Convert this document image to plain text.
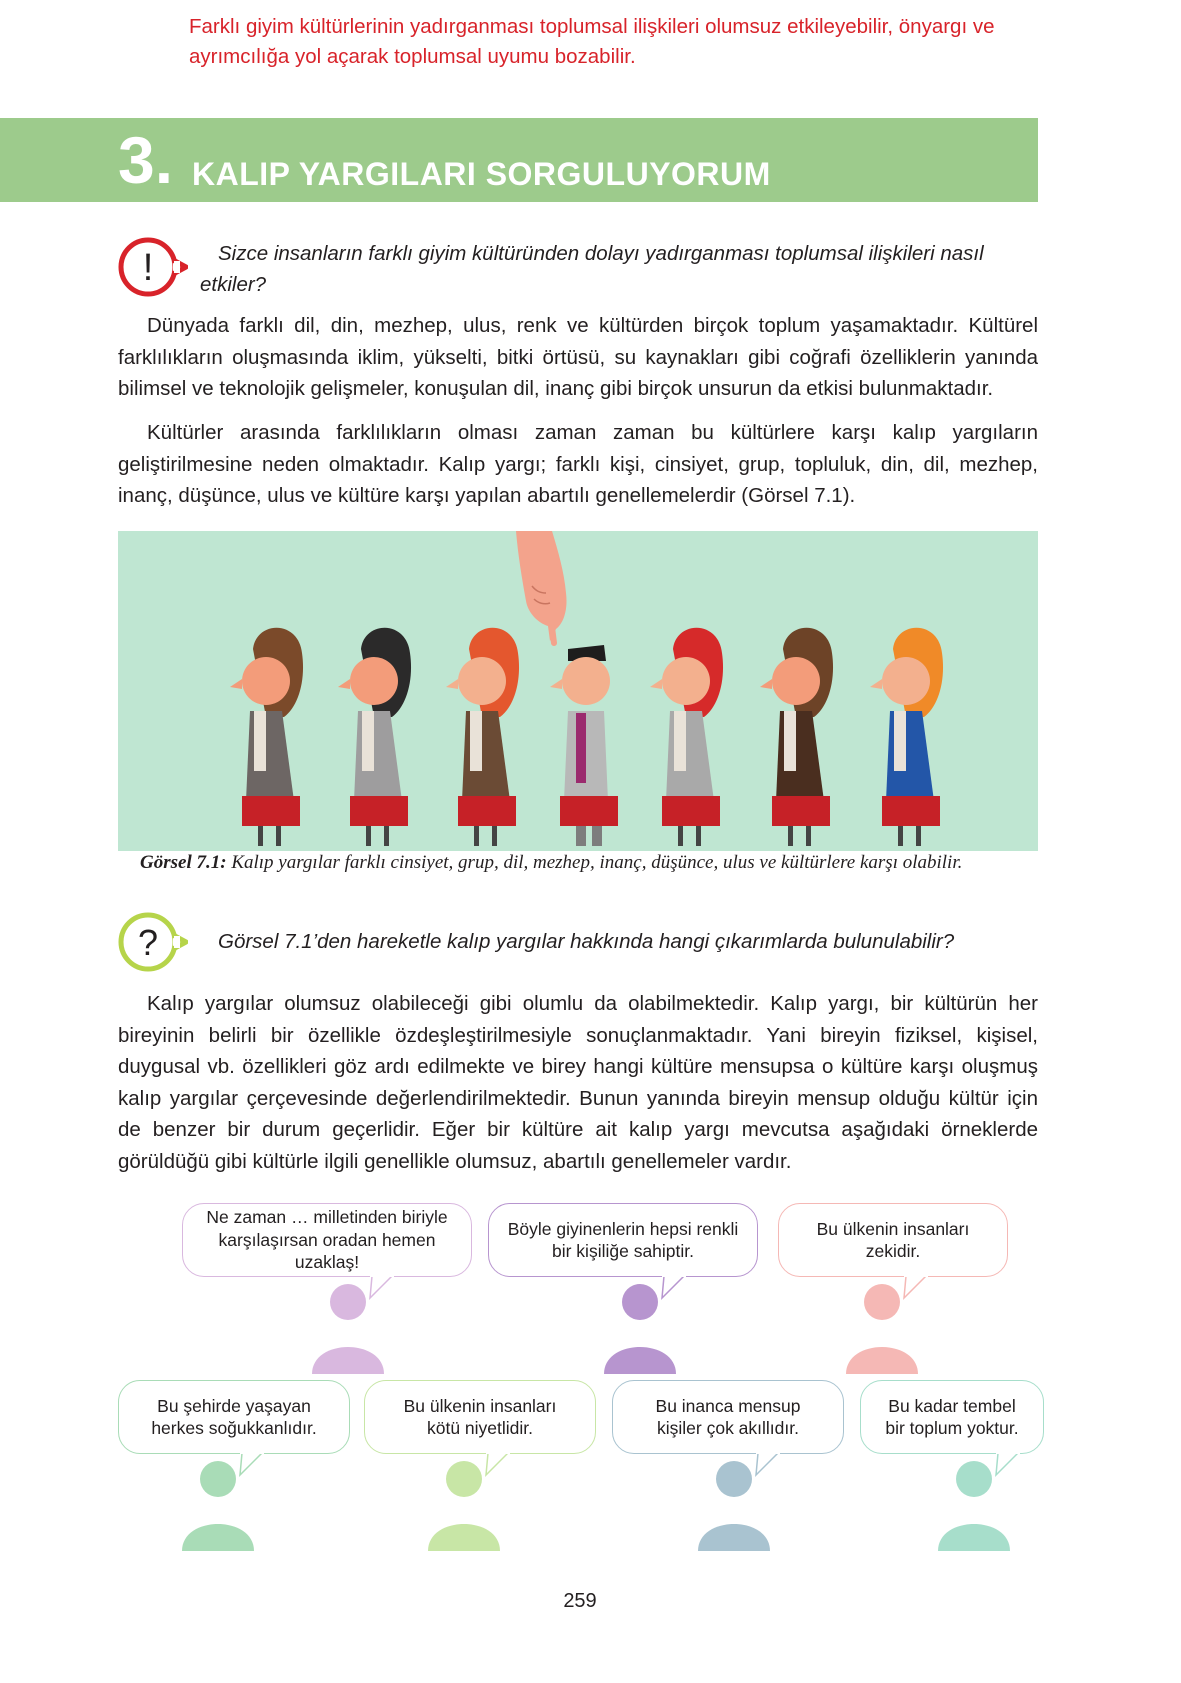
Farklı giyim kültürlerinin yadırganması toplumsal ilişkileri olumsuz etkileyebilir, önyargı ve ayrımcılığa yol açarak toplumsal uyumu bozabilir.
3. KALIP YARGILARI SORGULUYORUM
!	Sizce insanların farklı giyim kültüründen dolayı yadırganması toplumsal ilişkileri nasıl etkiler?

Dünyada farklı dil, din, mezhep, ulus, renk ve kültürden birçok toplum yaşamaktadır. Kültürel farklılıkların oluşmasında iklim, yükselti, bitki örtüsü, su kaynakları gibi coğrafi özelliklerin yanında bilimsel ve teknolojik gelişmeler, konuşulan dil, inanç gibi birçok unsurun da etkisi bulunmaktadır.

Kültürler arasında farklılıkların olması zaman zaman bu kültürlere karşı kalıp yargıların geliştirilmesine neden olmaktadır. Kalıp yargı; farklı kişi, cinsiyet, grup, topluluk, din, dil, mezhep, inanç, düşünce, ulus ve kültüre karşı yapılan abartılı genellemelerdir (Görsel 7.1).

Görsel 7.1: Kalıp yargılar farklı cinsiyet, grup, dil, mezhep, inanç, düşünce, ulus ve kültürlere karşı olabilir.
?	Görsel 7.1’den hareketle kalıp yargılar hakkında hangi çıkarımlarda bulunulabilir?

Kalıp yargılar olumsuz olabileceği gibi olumlu da olabilmektedir. Kalıp yargı, bir kültürün her bireyinin belirli bir özellikle özdeşleştirilmesiyle sonuçlanmaktadır. Yani bireyin fiziksel, kişisel, duygusal vb. özellikleri göz ardı edilmekte ve birey hangi kültüre mensupsa o kültüre karşı oluşmuş kalıp yargılar çerçevesinde değerlendirilmektedir. Bunun yanında bireyin mensup olduğu kültür için de benzer bir durum geçerlidir. Eğer bir kültüre ait kalıp yargı mevcutsa aşağıdaki örneklerde görüldüğü gibi kültürle ilgili genellikle olumsuz, abartılı genellemeler vardır.

Ne zaman … milletinden biriyle karşılaşırsan oradan hemen uzaklaş!
Böyle giyinenlerin hepsi renkli bir kişiliğe sahiptir.
Bu ülkenin insanları zekidir.
Bu şehirde yaşayan herkes soğukkanlıdır.
Bu ülkenin insanları kötü niyetlidir.
Bu inanca mensup kişiler çok akıllıdır.
Bu kadar tembel bir toplum yoktur.
259
